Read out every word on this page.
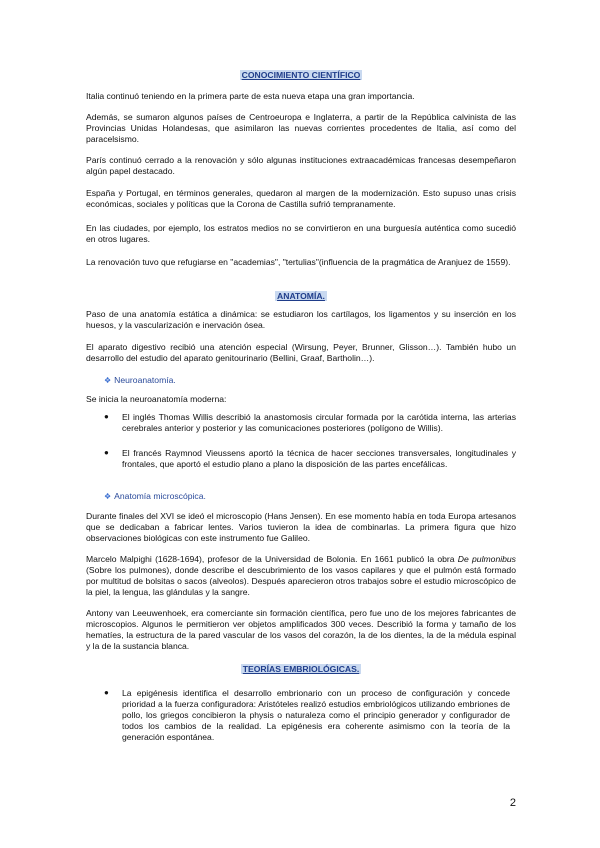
CONOCIMIENTO CIENTÍFICO

Italia continuó teniendo en la primera parte de esta nueva etapa una gran importancia.

Además, se sumaron algunos países de Centroeuropa e Inglaterra, a partir de la República calvinista de las Provincias Unidas Holandesas, que asimilaron las nuevas corrientes procedentes de Italia, así como del paracelsismo.

París continuó cerrado a la renovación y sólo algunas instituciones extraacadémicas francesas desempeñaron algún papel destacado.

España y Portugal, en términos generales, quedaron al margen de la modernización. Esto supuso unas crisis económicas, sociales y políticas que la Corona de Castilla sufrió tempranamente.

En las ciudades, por ejemplo, los estratos medios no se convirtieron en una burguesía auténtica como sucedió en otros lugares.

La renovación tuvo que refugiarse en "academias", "tertulias"(influencia de la pragmática de Aranjuez de 1559).

ANATOMÍA.

Paso de una anatomía estática a dinámica: se estudiaron los cartílagos, los ligamentos y su inserción en los huesos, y la vascularización e inervación ósea.

El aparato digestivo recibió una atención especial (Wirsung, Peyer, Brunner, Glisson…). También hubo un desarrollo del estudio del aparato genitourinario (Bellini, Graaf, Bartholin…).

❖ Neuroanatomía.

Se inicia la neuroanatomía moderna:

● El inglés Thomas Willis describió la anastomosis circular formada por la carótida interna, las arterias cerebrales anterior y posterior y las comunicaciones posteriores (polígono de Willis).

● El francés Raymnod Vieussens aportó la técnica de hacer secciones transversales, longitudinales y frontales, que aportó el estudio plano a plano la disposición de las partes encefálicas.

❖ Anatomía microscópica.

Durante finales del XVI se ideó el microscopio (Hans Jensen). En ese momento había en toda Europa artesanos que se dedicaban a fabricar lentes. Varios tuvieron la idea de combinarlas. La primera figura que hizo observaciones biológicas con este instrumento fue Galileo.

Marcelo Malpighi (1628-1694), profesor de la Universidad de Bolonia. En 1661 publicó la obra De pulmonibus (Sobre los pulmones), donde describe el descubrimiento de los vasos capilares y que el pulmón está formado por multitud de bolsitas o sacos (alveolos). Después aparecieron otros trabajos sobre el estudio microscópico de la piel, la lengua, las glándulas y la sangre.

Antony van Leeuwenhoek, era comerciante sin formación científica, pero fue uno de los mejores fabricantes de microscopios. Algunos le permitieron ver objetos amplificados 300 veces. Describió la forma y tamaño de los hematíes, la estructura de la pared vascular de los vasos del corazón, la de los dientes, la de la médula espinal y la de la sustancia blanca.

TEORÍAS EMBRIOLÓGICAS.

● La epigénesis identifica el desarrollo embrionario con un proceso de configuración y concede prioridad a la fuerza configuradora: Aristóteles realizó estudios embriológicos utilizando embriones de pollo, los griegos concibieron la physis o naturaleza como el principio generador y configurador de todos los cambios de la realidad. La epigénesis era coherente asimismo con la teoría de la generación espontánea.

2
